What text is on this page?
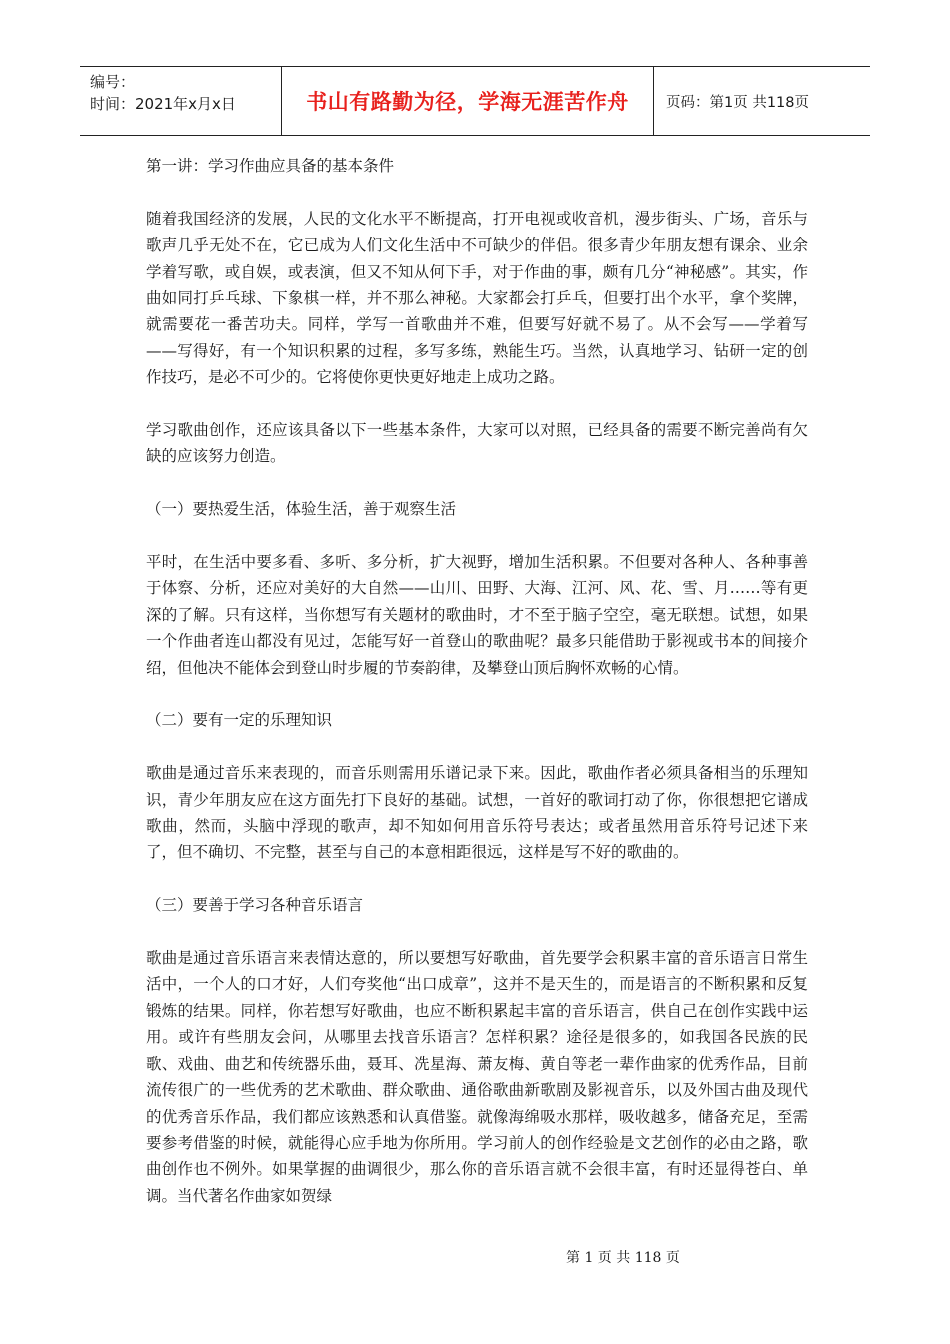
编号：
时间：2021年x月x日	书山有路勤为径，学海无涯苦作舟	页码：第1页 共118页

第一讲：学习作曲应具备的基本条件

随着我国经济的发展，人民的文化水平不断提高，打开电视或收音机，漫步街头、广场，音乐与歌声几乎无处不在，它已成为人们文化生活中不可缺少的伴侣。很多青少年朋友想有课余、业余学着写歌，或自娱，或表演，但又不知从何下手，对于作曲的事，颇有几分“神秘感”。其实，作曲如同打乒乓球、下象棋一样，并不那么神秘。大家都会打乒乓，但要打出个水平，拿个奖牌，就需要花一番苦功夫。同样，学写一首歌曲并不难，但要写好就不易了。从不会写——学着写——写得好，有一个知识积累的过程，多写多练，熟能生巧。当然，认真地学习、钻研一定的创作技巧，是必不可少的。它将使你更快更好地走上成功之路。

学习歌曲创作，还应该具备以下一些基本条件，大家可以对照，已经具备的需要不断完善尚有欠缺的应该努力创造。

（一）要热爱生活，体验生活，善于观察生活

平时，在生活中要多看、多听、多分析，扩大视野，增加生活积累。不但要对各种人、各种事善于体察、分析，还应对美好的大自然——山川、田野、大海、江河、风、花、雪、月……等有更深的了解。只有这样，当你想写有关题材的歌曲时，才不至于脑子空空，毫无联想。试想，如果一个作曲者连山都没有见过，怎能写好一首登山的歌曲呢？最多只能借助于影视或书本的间接介绍，但他决不能体会到登山时步履的节奏韵律，及攀登山顶后胸怀欢畅的心情。

（二）要有一定的乐理知识

歌曲是通过音乐来表现的，而音乐则需用乐谱记录下来。因此，歌曲作者必须具备相当的乐理知识，青少年朋友应在这方面先打下良好的基础。试想，一首好的歌词打动了你，你很想把它谱成歌曲，然而，头脑中浮现的歌声，却不知如何用音乐符号表达；或者虽然用音乐符号记述下来了，但不确切、不完整，甚至与自己的本意相距很远，这样是写不好的歌曲的。

（三）要善于学习各种音乐语言

歌曲是通过音乐语言来表情达意的，所以要想写好歌曲，首先要学会积累丰富的音乐语言日常生活中，一个人的口才好，人们夸奖他“出口成章”，这并不是天生的，而是语言的不断积累和反复锻炼的结果。同样，你若想写好歌曲，也应不断积累起丰富的音乐语言，供自己在创作实践中运用。或许有些朋友会问，从哪里去找音乐语言？怎样积累？途径是很多的，如我国各民族的民歌、戏曲、曲艺和传统器乐曲，聂耳、冼星海、萧友梅、黄自等老一辈作曲家的优秀作品，目前流传很广的一些优秀的艺术歌曲、群众歌曲、通俗歌曲新歌剧及影视音乐，以及外国古曲及现代的优秀音乐作品，我们都应该熟悉和认真借鉴。就像海绵吸水那样，吸收越多，储备充足，至需要参考借鉴的时候，就能得心应手地为你所用。学习前人的创作经验是文艺创作的必由之路，歌曲创作也不例外。如果掌握的曲调很少，那么你的音乐语言就不会很丰富，有时还显得苍白、单调。当代著名作曲家如贺绿

第 1 页 共 118 页
